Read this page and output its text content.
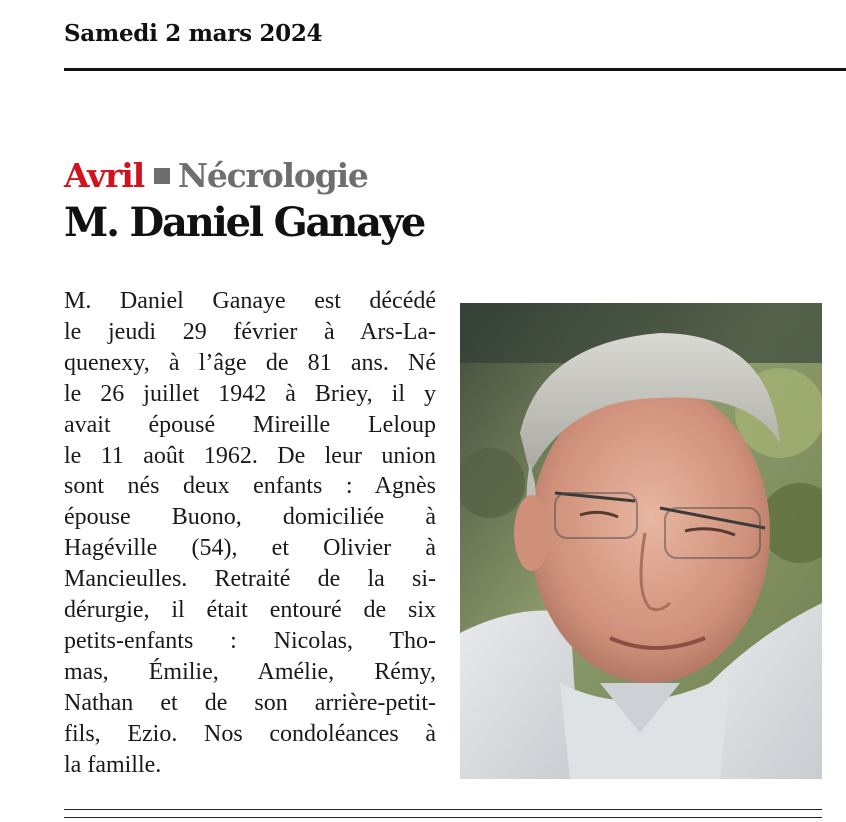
Samedi 2 mars 2024
Avril Nécrologie
M. Daniel Ganaye
M. Daniel Ganaye est décédé
le jeudi 29 février à Ars-La-
quenexy, à l’âge de 81 ans. Né
le 26 juillet 1942 à Briey, il y
avait épousé Mireille Leloup
le 11 août 1962. De leur union
sont nés deux enfants : Agnès
épouse Buono, domiciliée à
Hagéville (54), et Olivier à
Mancieulles. Retraité de la si-
dérurgie, il était entouré de six
petits-enfants : Nicolas, Tho-
mas, Émilie, Amélie, Rémy,
Nathan et de son arrière-petit-
fils, Ezio. Nos condoléances à
la famille.
